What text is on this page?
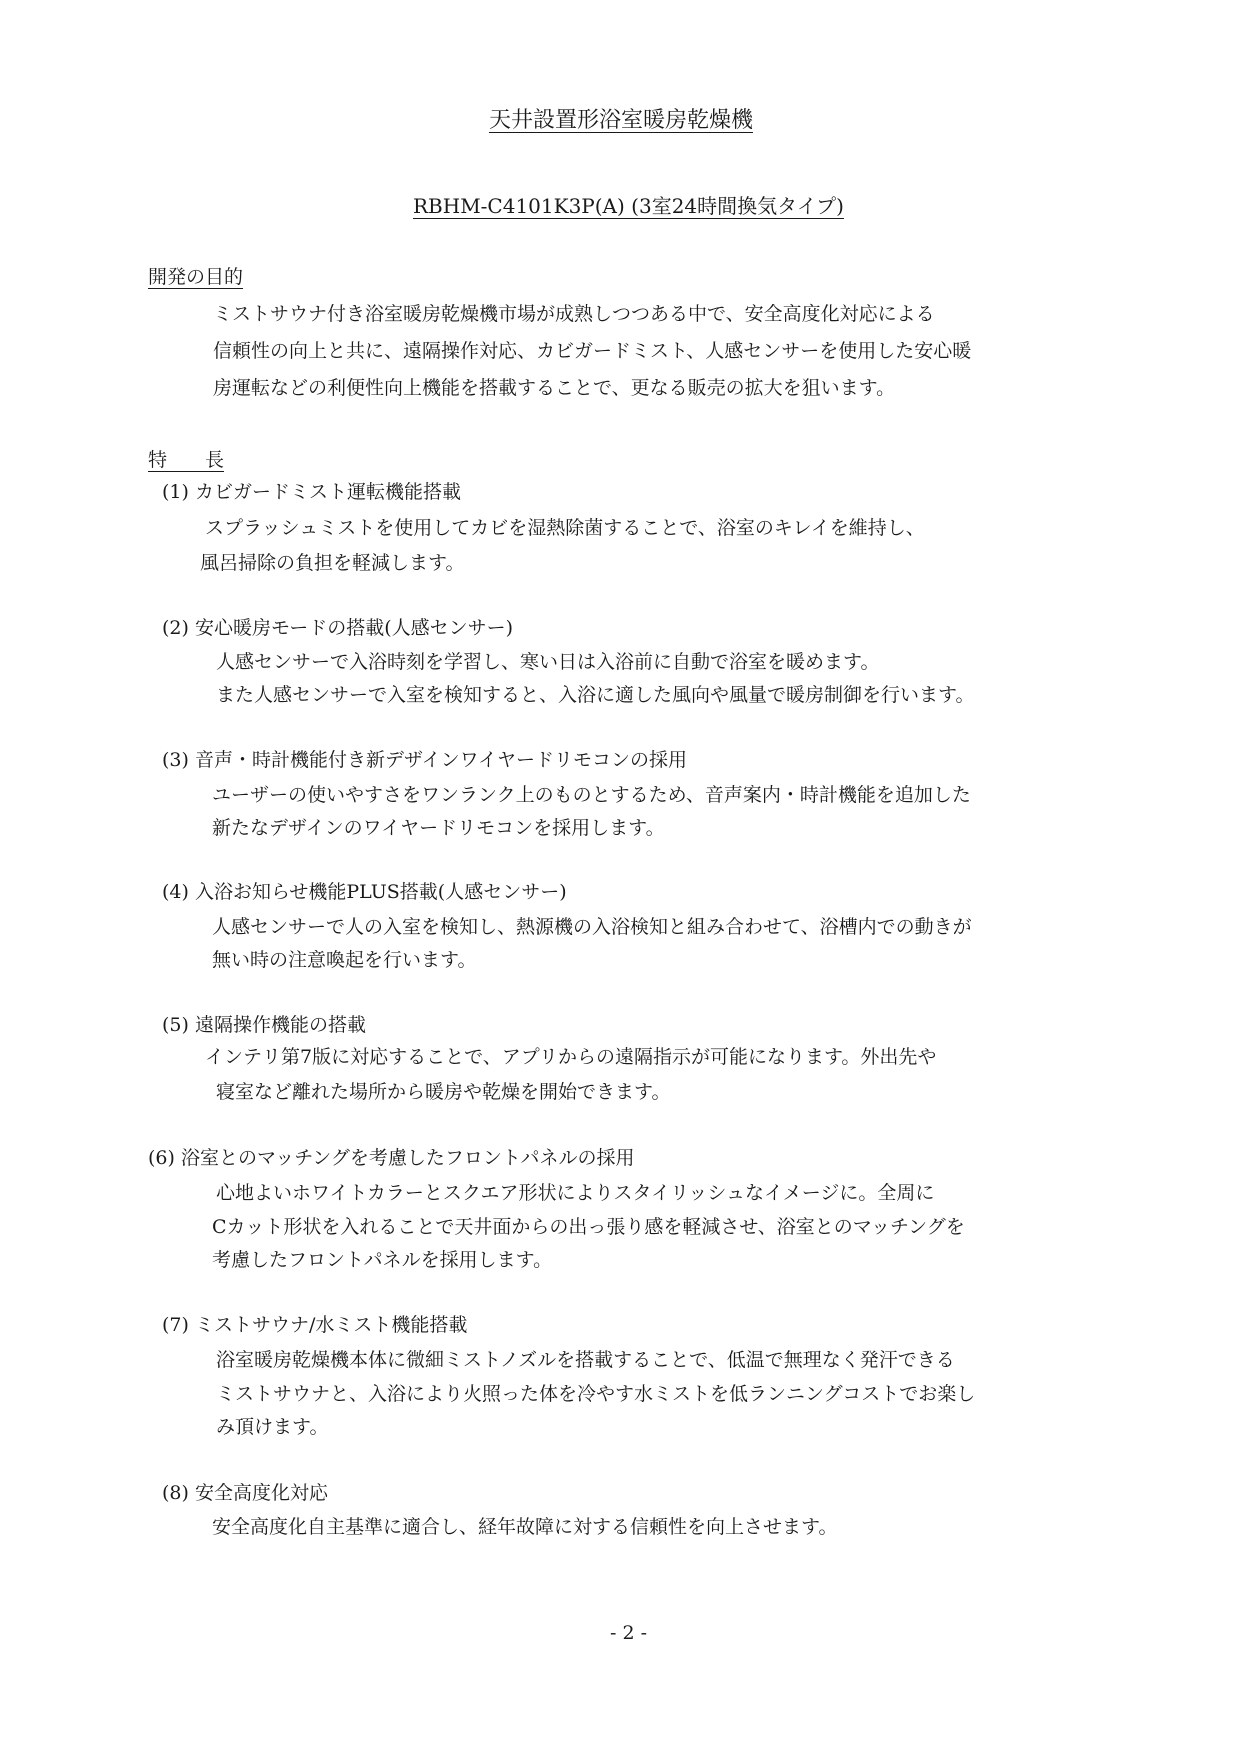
天井設置形浴室暖房乾燥機
RBHM-C4101K3P(A) (3室24時間換気タイプ)
開発の目的
ミストサウナ付き浴室暖房乾燥機市場が成熟しつつある中で、安全高度化対応による
信頼性の向上と共に、遠隔操作対応、カビガードミスト、人感センサーを使用した安心暖
房運転などの利便性向上機能を搭載することで、更なる販売の拡大を狙います。
特　　長
(1) カビガードミスト運転機能搭載
スプラッシュミストを使用してカビを湿熱除菌することで、浴室のキレイを維持し、
風呂掃除の負担を軽減します。
(2) 安心暖房モードの搭載(人感センサー)
人感センサーで入浴時刻を学習し、寒い日は入浴前に自動で浴室を暖めます。
また人感センサーで入室を検知すると、入浴に適した風向や風量で暖房制御を行います。
(3) 音声・時計機能付き新デザインワイヤードリモコンの採用
ユーザーの使いやすさをワンランク上のものとするため、音声案内・時計機能を追加した
新たなデザインのワイヤードリモコンを採用します。
(4) 入浴お知らせ機能PLUS搭載(人感センサー)
人感センサーで人の入室を検知し、熱源機の入浴検知と組み合わせて、浴槽内での動きが
無い時の注意喚起を行います。
(5) 遠隔操作機能の搭載
インテリ第7版に対応することで、アプリからの遠隔指示が可能になります。外出先や
寝室など離れた場所から暖房や乾燥を開始できます。
(6) 浴室とのマッチングを考慮したフロントパネルの採用
心地よいホワイトカラーとスクエア形状によりスタイリッシュなイメージに。全周に
Cカット形状を入れることで天井面からの出っ張り感を軽減させ、浴室とのマッチングを
考慮したフロントパネルを採用します。
(7) ミストサウナ/水ミスト機能搭載
浴室暖房乾燥機本体に微細ミストノズルを搭載することで、低温で無理なく発汗できる
ミストサウナと、入浴により火照った体を冷やす水ミストを低ランニングコストでお楽し
み頂けます。
(8) 安全高度化対応
安全高度化自主基準に適合し、経年故障に対する信頼性を向上させます。
- 2 -
